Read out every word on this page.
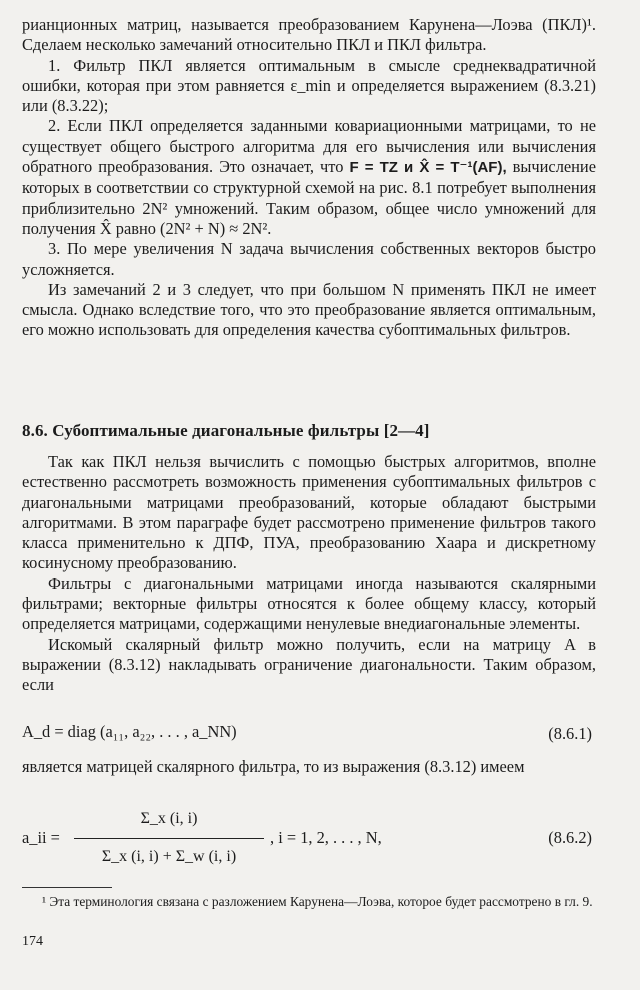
рианционных матриц, называется преобразованием Карунена—Лоэва (ПКЛ)¹. Сделаем несколько замечаний относительно ПКЛ и ПКЛ фильтра.

1. Фильтр ПКЛ является оптимальным в смысле среднеквадратичной ошибки, которая при этом равняется ε_min и определяется выражением (8.3.21) или (8.3.22);

2. Если ПКЛ определяется заданными ковариационными матрицами, то не существует общего быстрого алгоритма для его вычисления или вычисления обратного преобразования. Это означает, что F = TZ и X̂ = T⁻¹(AF), вычисление которых в соответствии со структурной схемой на рис. 8.1 потребует выполнения приблизительно 2N² умножений. Таким образом, общее число умножений для получения X̂ равно (2N² + N) ≈ 2N².

3. По мере увеличения N задача вычисления собственных векторов быстро усложняется.

Из замечаний 2 и 3 следует, что при большом N применять ПКЛ не имеет смысла. Однако вследствие того, что это преобразование является оптимальным, его можно использовать для определения качества субоптимальных фильтров.

8.6. Субоптимальные диагональные фильтры [2—4]

Так как ПКЛ нельзя вычислить с помощью быстрых алгоритмов, вполне естественно рассмотреть возможность применения субоптимальных фильтров с диагональными матрицами преобразований, которые обладают быстрыми алгоритмами. В этом параграфе будет рассмотрено применение фильтров такого класса применительно к ДПФ, ПУА, преобразованию Хаара и дискретному косинусному преобразованию.

Фильтры с диагональными матрицами иногда называются скалярными фильтрами; векторные фильтры относятся к более общему классу, который определяется матрицами, содержащими ненулевые внедиагональные элементы.

Искомый скалярный фильтр можно получить, если на матрицу A в выражении (8.3.12) накладывать ограничение диагональности. Таким образом, если

A_d = diag (a₁₁, a₂₂, . . . , a_NN)	(8.6.1)
является матрицей скалярного фильтра, то из выражения (8.3.12) имеем
a_ii =
Σ_x (i, i)
Σ_x (i, i) + Σ_w (i, i)
, i = 1, 2, . . . , N,	(8.6.2)

¹ Эта терминология связана с разложением Карунена—Лоэва, которое будет рассмотрено в гл. 9.

174
